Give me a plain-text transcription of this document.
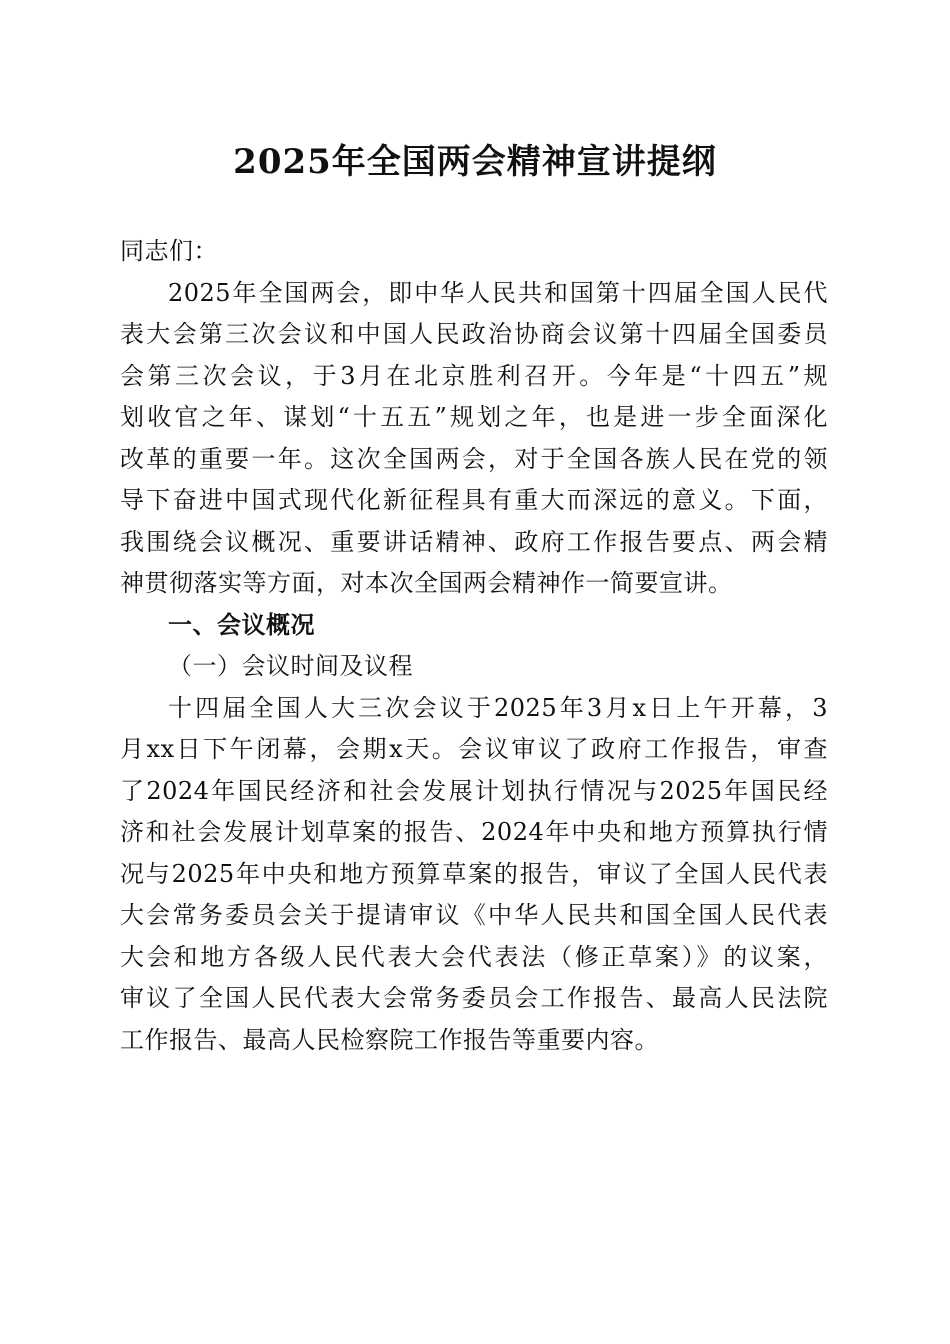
2025年全国两会精神宣讲提纲
同志们：
2025年全国两会，即中华人民共和国第十四届全国人民代
表大会第三次会议和中国人民政治协商会议第十四届全国委员
会第三次会议，于3月在北京胜利召开。今年是“十四五”规
划收官之年、谋划“十五五”规划之年，也是进一步全面深化
改革的重要一年。这次全国两会，对于全国各族人民在党的领
导下奋进中国式现代化新征程具有重大而深远的意义。下面，
我围绕会议概况、重要讲话精神、政府工作报告要点、两会精
神贯彻落实等方面，对本次全国两会精神作一简要宣讲。
一、会议概况
（一）会议时间及议程
十四届全国人大三次会议于2025年3月x日上午开幕，3
月xx日下午闭幕，会期x天。会议审议了政府工作报告，审查
了2024年国民经济和社会发展计划执行情况与2025年国民经
济和社会发展计划草案的报告、2024年中央和地方预算执行情
况与2025年中央和地方预算草案的报告，审议了全国人民代表
大会常务委员会关于提请审议《中华人民共和国全国人民代表
大会和地方各级人民代表大会代表法（修正草案）》的议案，
审议了全国人民代表大会常务委员会工作报告、最高人民法院
工作报告、最高人民检察院工作报告等重要内容。
